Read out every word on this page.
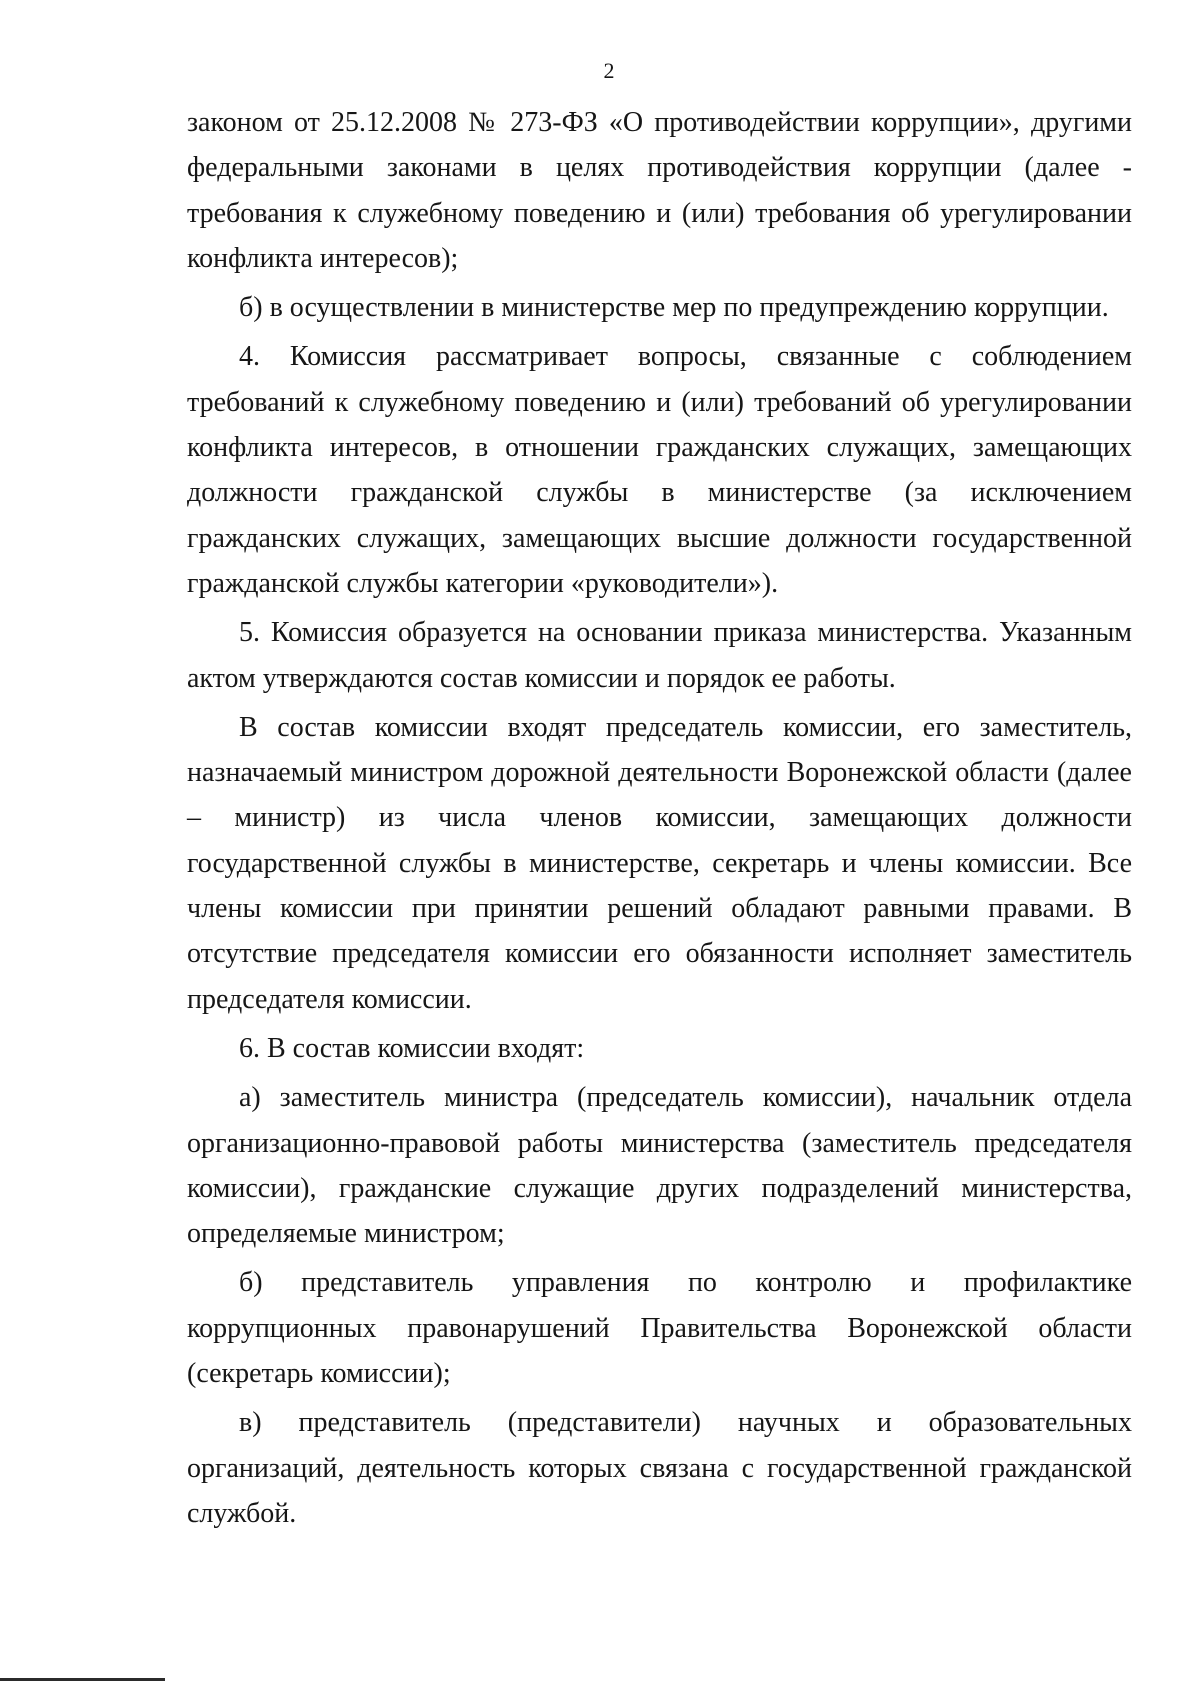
2

законом от 25.12.2008 № 273-ФЗ «О противодействии коррупции», другими федеральными законами в целях противодействия коррупции (далее - требования к служебному поведению и (или) требования об урегулировании конфликта интересов);

б) в осуществлении в министерстве мер по предупреждению коррупции.

4. Комиссия рассматривает вопросы, связанные с соблюдением требований к служебному поведению и (или) требований об урегулировании конфликта интересов, в отношении гражданских служащих, замещающих должности гражданской службы в министерстве (за исключением гражданских служащих, замещающих высшие должности государственной гражданской службы категории «руководители»).

5. Комиссия образуется на основании приказа министерства. Указанным актом утверждаются состав комиссии и порядок ее работы.

В состав комиссии входят председатель комиссии, его заместитель, назначаемый министром дорожной деятельности Воронежской области (далее – министр) из числа членов комиссии, замещающих должности государственной службы в министерстве, секретарь и члены комиссии. Все члены комиссии при принятии решений обладают равными правами. В отсутствие председателя комиссии его обязанности исполняет заместитель председателя комиссии.

6. В состав комиссии входят:

а) заместитель министра (председатель комиссии), начальник отдела организационно-правовой работы министерства (заместитель председателя комиссии), гражданские служащие других подразделений министерства, определяемые министром;

б) представитель управления по контролю и профилактике коррупционных правонарушений Правительства Воронежской области (секретарь комиссии);

в) представитель (представители) научных и образовательных организаций, деятельность которых связана с государственной гражданской службой.
